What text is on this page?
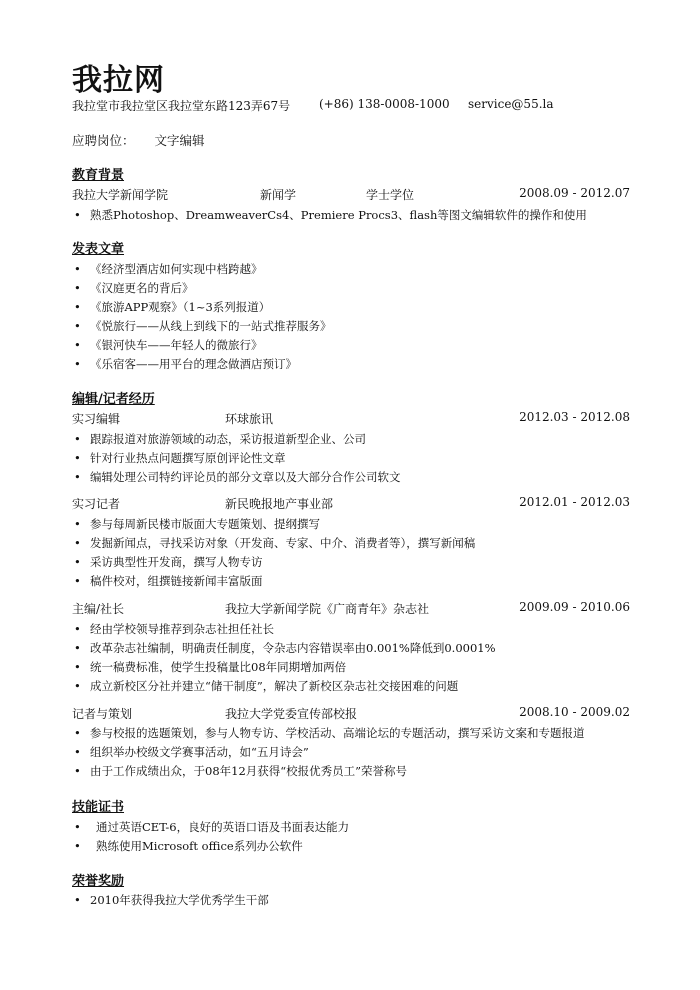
我拉网
我拉堂市我拉堂区我拉堂东路123弄67号 (+86) 138-0008-1000 service@55.la
应聘岗位： 文字编辑
教育背景
我拉大学新闻学院	新闻学	学士学位	2008.09 - 2012.07
• 熟悉Photoshop、DreamweaverCs4、Premiere Procs3、flash等图文编辑软件的操作和使用
发表文章
• 《经济型酒店如何实现中档跨越》
• 《汉庭更名的背后》
• 《旅游APP观察》（1~3系列报道）
• 《悦旅行——从线上到线下的一站式推荐服务》
• 《银河快车——年轻人的微旅行》
• 《乐宿客——用平台的理念做酒店预订》
编辑/记者经历
实习编辑	环球旅讯	2012.03 - 2012.08
• 跟踪报道对旅游领域的动态，采访报道新型企业、公司
• 针对行业热点问题撰写原创评论性文章
• 编辑处理公司特约评论员的部分文章以及大部分合作公司软文
实习记者	新民晚报地产事业部	2012.01 - 2012.03
• 参与每周新民楼市版面大专题策划、提纲撰写
• 发掘新闻点，寻找采访对象（开发商、专家、中介、消费者等），撰写新闻稿
• 采访典型性开发商，撰写人物专访
• 稿件校对，组撰链接新闻丰富版面
主编/社长	我拉大学新闻学院《广商青年》杂志社	2009.09 - 2010.06
• 经由学校领导推荐到杂志社担任社长
• 改革杂志社编制，明确责任制度，令杂志内容错误率由0.001%降低到0.0001%
• 统一稿费标准，使学生投稿量比08年同期增加两倍
• 成立新校区分社并建立“储干制度”，解决了新校区杂志社交接困难的问题
记者与策划	我拉大学党委宣传部校报	2008.10 - 2009.02
• 参与校报的选题策划，参与人物专访、学校活动、高端论坛的专题活动，撰写采访文案和专题报道
• 组织举办校级文学赛事活动，如“五月诗会”
• 由于工作成绩出众，于08年12月获得“校报优秀员工”荣誉称号
技能证书
• 通过英语CET-6，良好的英语口语及书面表达能力
• 熟练使用Microsoft office系列办公软件
荣誉奖励
• 2010年获得我拉大学优秀学生干部
